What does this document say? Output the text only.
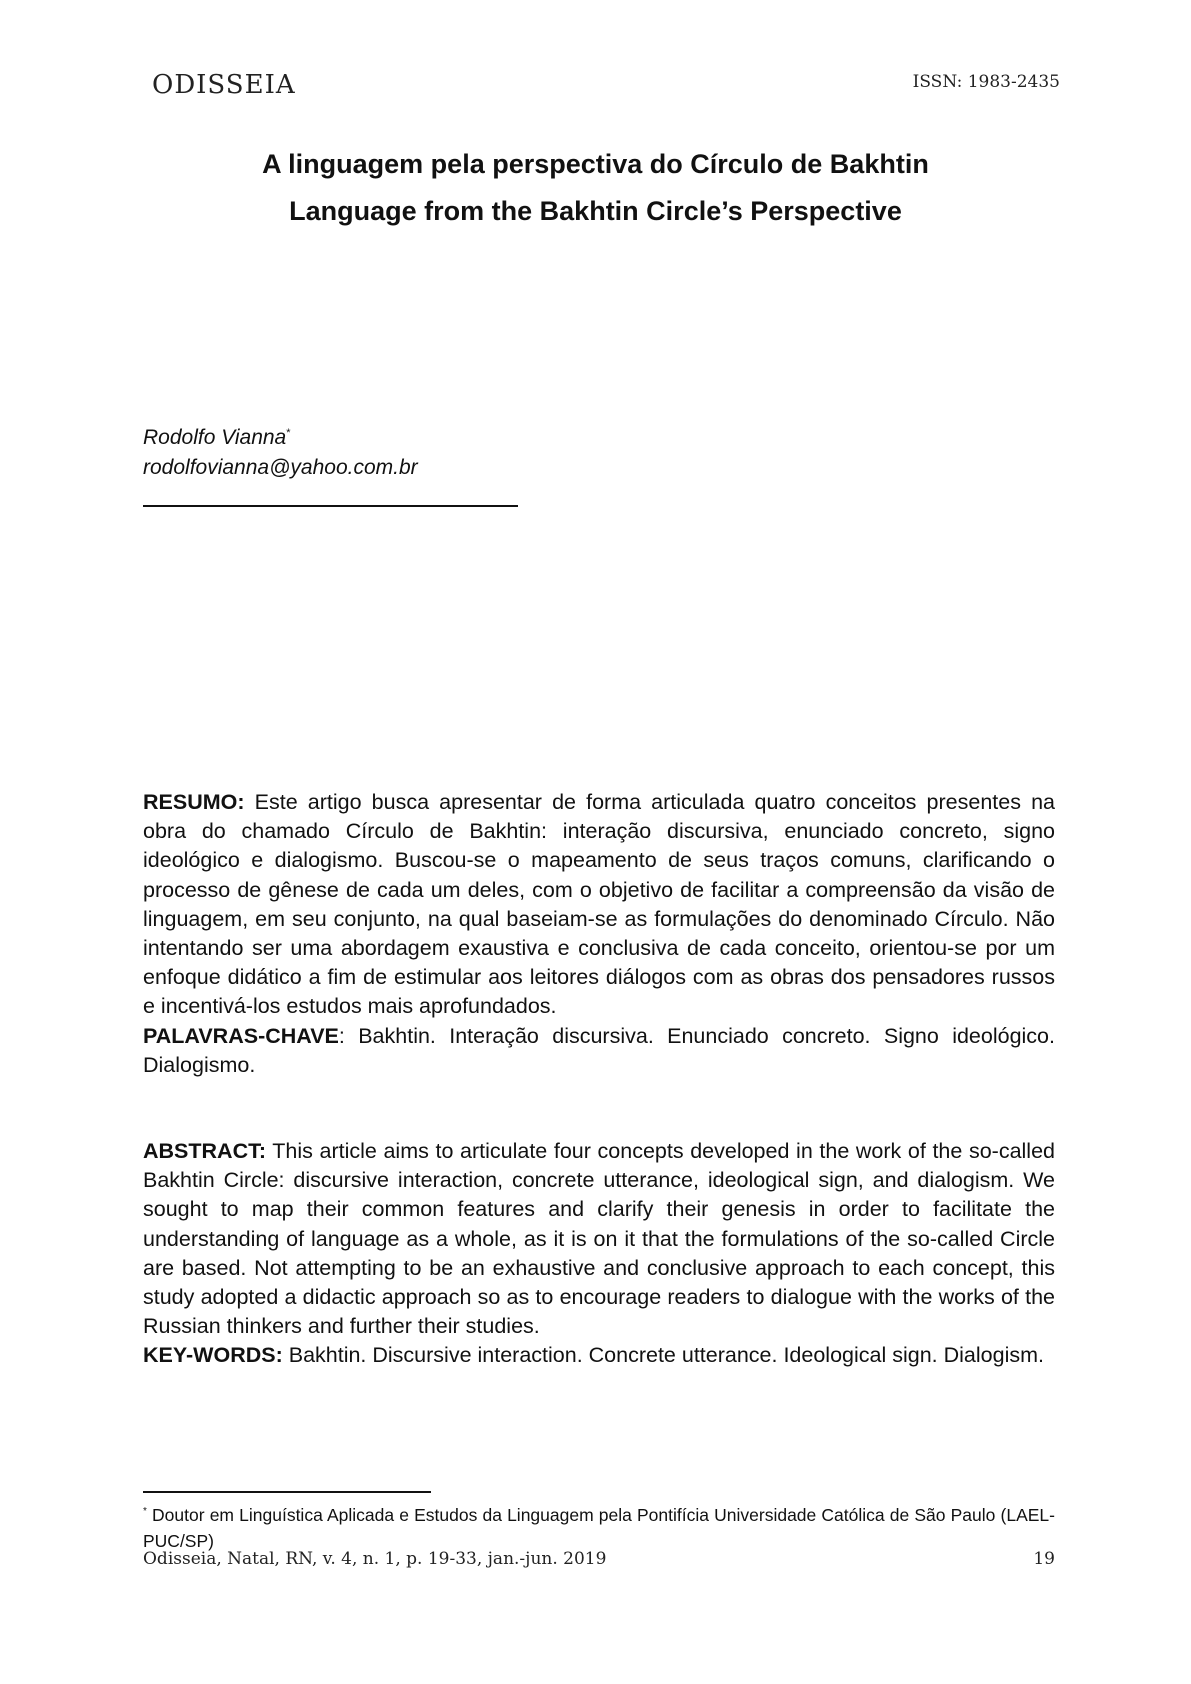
ODISSEIA	ISSN: 1983-2435
A linguagem pela perspectiva do Círculo de Bakhtin
Language from the Bakhtin Circle’s Perspective
Rodolfo Vianna*
rodolfovianna@yahoo.com.br
RESUMO: Este artigo busca apresentar de forma articulada quatro conceitos presentes na obra do chamado Círculo de Bakhtin: interação discursiva, enunciado concreto, signo ideológico e dialogismo. Buscou-se o mapeamento de seus traços comuns, clarificando o processo de gênese de cada um deles, com o objetivo de facilitar a compreensão da visão de linguagem, em seu conjunto, na qual baseiam-se as formulações do denominado Círculo. Não intentando ser uma abordagem exaustiva e conclusiva de cada conceito, orientou-se por um enfoque didático a fim de estimular aos leitores diálogos com as obras dos pensadores russos e incentivá-los estudos mais aprofundados.
PALAVRAS-CHAVE: Bakhtin. Interação discursiva. Enunciado concreto. Signo ideológico. Dialogismo.
ABSTRACT: This article aims to articulate four concepts developed in the work of the so-called Bakhtin Circle: discursive interaction, concrete utterance, ideological sign, and dialogism. We sought to map their common features and clarify their genesis in order to facilitate the understanding of language as a whole, as it is on it that the formulations of the so-called Circle are based. Not attempting to be an exhaustive and conclusive approach to each concept, this study adopted a didactic approach so as to encourage readers to dialogue with the works of the Russian thinkers and further their studies.
KEY-WORDS: Bakhtin. Discursive interaction. Concrete utterance. Ideological sign. Dialogism.
* Doutor em Linguística Aplicada e Estudos da Linguagem pela Pontifícia Universidade Católica de São Paulo (LAEL-PUC/SP)
Odisseia, Natal, RN, v. 4, n. 1, p. 19-33, jan.-jun. 2019	19
